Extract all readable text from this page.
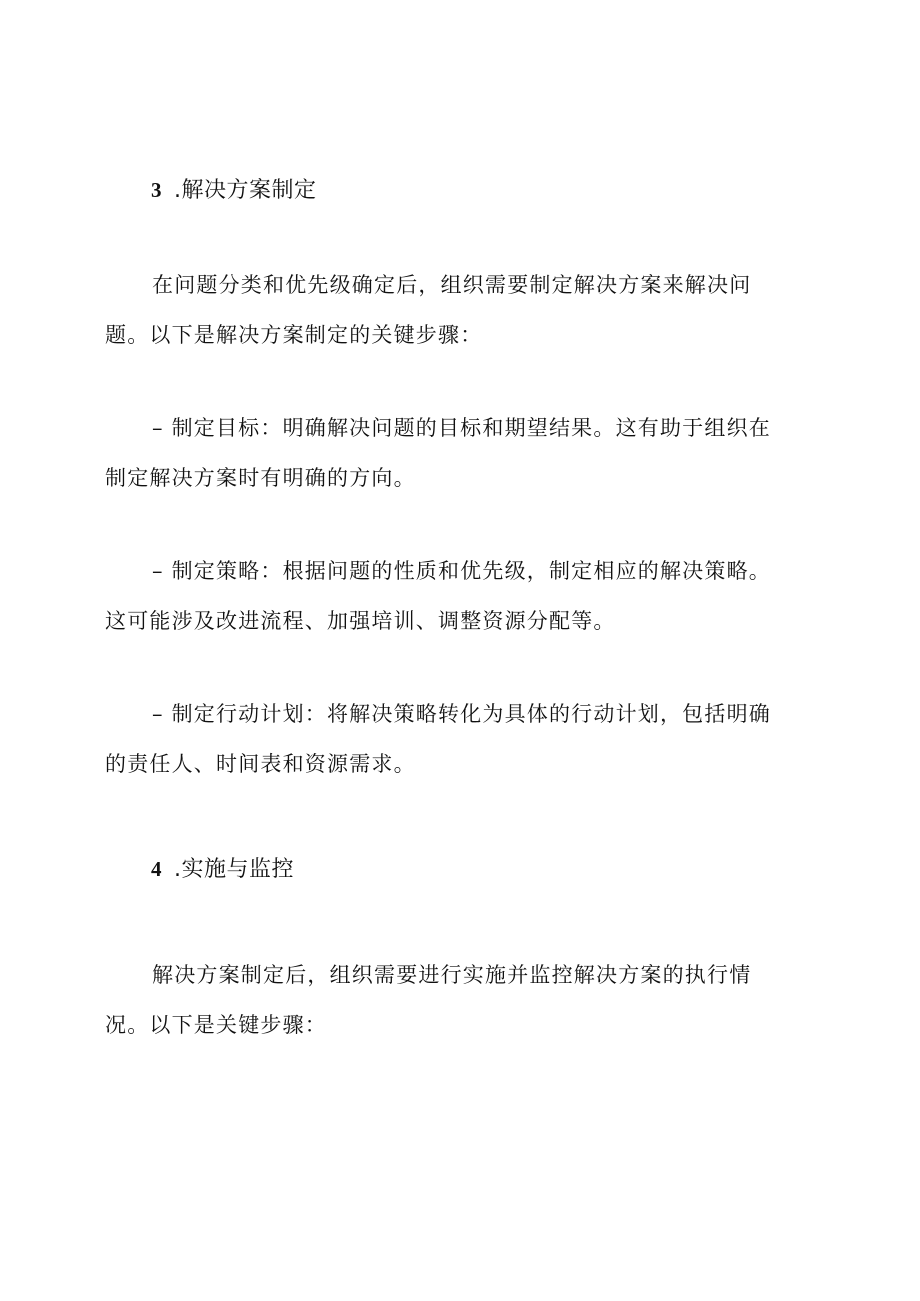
3 .解决方案制定

在问题分类和优先级确定后，组织需要制定解决方案来解决问
题。以下是解决方案制定的关键步骤：

– 制定目标：明确解决问题的目标和期望结果。这有助于组织在
制定解决方案时有明确的方向。

– 制定策略：根据问题的性质和优先级，制定相应的解决策略。
这可能涉及改进流程、加强培训、调整资源分配等。

– 制定行动计划：将解决策略转化为具体的行动计划，包括明确
的责任人、时间表和资源需求。

4 .实施与监控

解决方案制定后，组织需要进行实施并监控解决方案的执行情
况。以下是关键步骤：
